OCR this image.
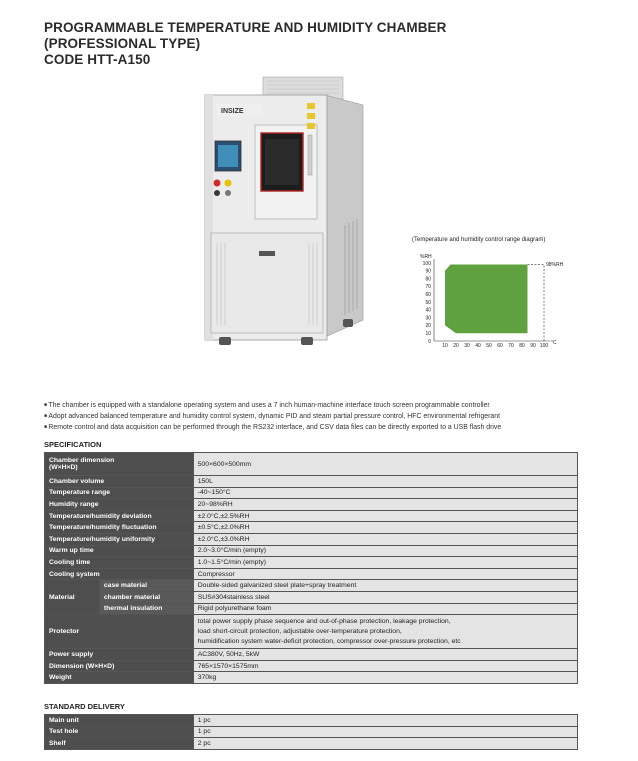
PROGRAMMABLE TEMPERATURE AND HUMIDITY CHAMBER
(PROFESSIONAL TYPE)
CODE HTT-A150
INSIZE
(Temperature and humidity control range diagram)
100
90
80
70
60
50
40
30
20
10
0
10 20 30 40 50 60 70 80 90 100
%RH
°C
98%RH
■ The chamber is equipped with a standalone operating system and uses a 7 inch human-machine interface touch screen programmable controller
■ Adopt advanced balanced temperature and humidity control system, dynamic PID and steam partial pressure control, HFC environmental refrigerant
■ Remote control and data acquisition can be performed through the RS232 interface, and CSV data files can be directly exported to a USB flash drive
SPECIFICATION
Chamber dimension
(W×H×D)		500×600×500mm
Chamber volume		150L
Temperature range		-40~150°C
Humidity range		20~98%RH
Temperature/humidity deviation		±2.0°C,±2.5%RH
Temperature/humidity fluctuation		±0.5°C,±2.0%RH
Temperature/humidity uniformity		±2.0°C,±3.0%RH
Warm up time		2.0~3.0°C/min (empty)
Cooling time		1.0~1.5°C/min (empty)
Cooling system		Compressor
Material	case material	Double-sided galvanized steel plate+spray treatment
	chamber material	SUS#304stainless steel
	thermal insulation	Rigid polyurethane foam
Protector		total power supply phase sequence and out-of-phase protection, leakage protection,
load short-circuit protection, adjustable over-temperature protection,
humidification system water-deficit protection, compressor over-pressure protection, etc

Power supply		AC380V, 50Hz, 5kW
Dimension (W×H×D)		765×1570×1575mm
Weight		370kg
STANDARD DELIVERY
Main unit	1 pc
Test hole	1 pc
Shelf	2 pc
